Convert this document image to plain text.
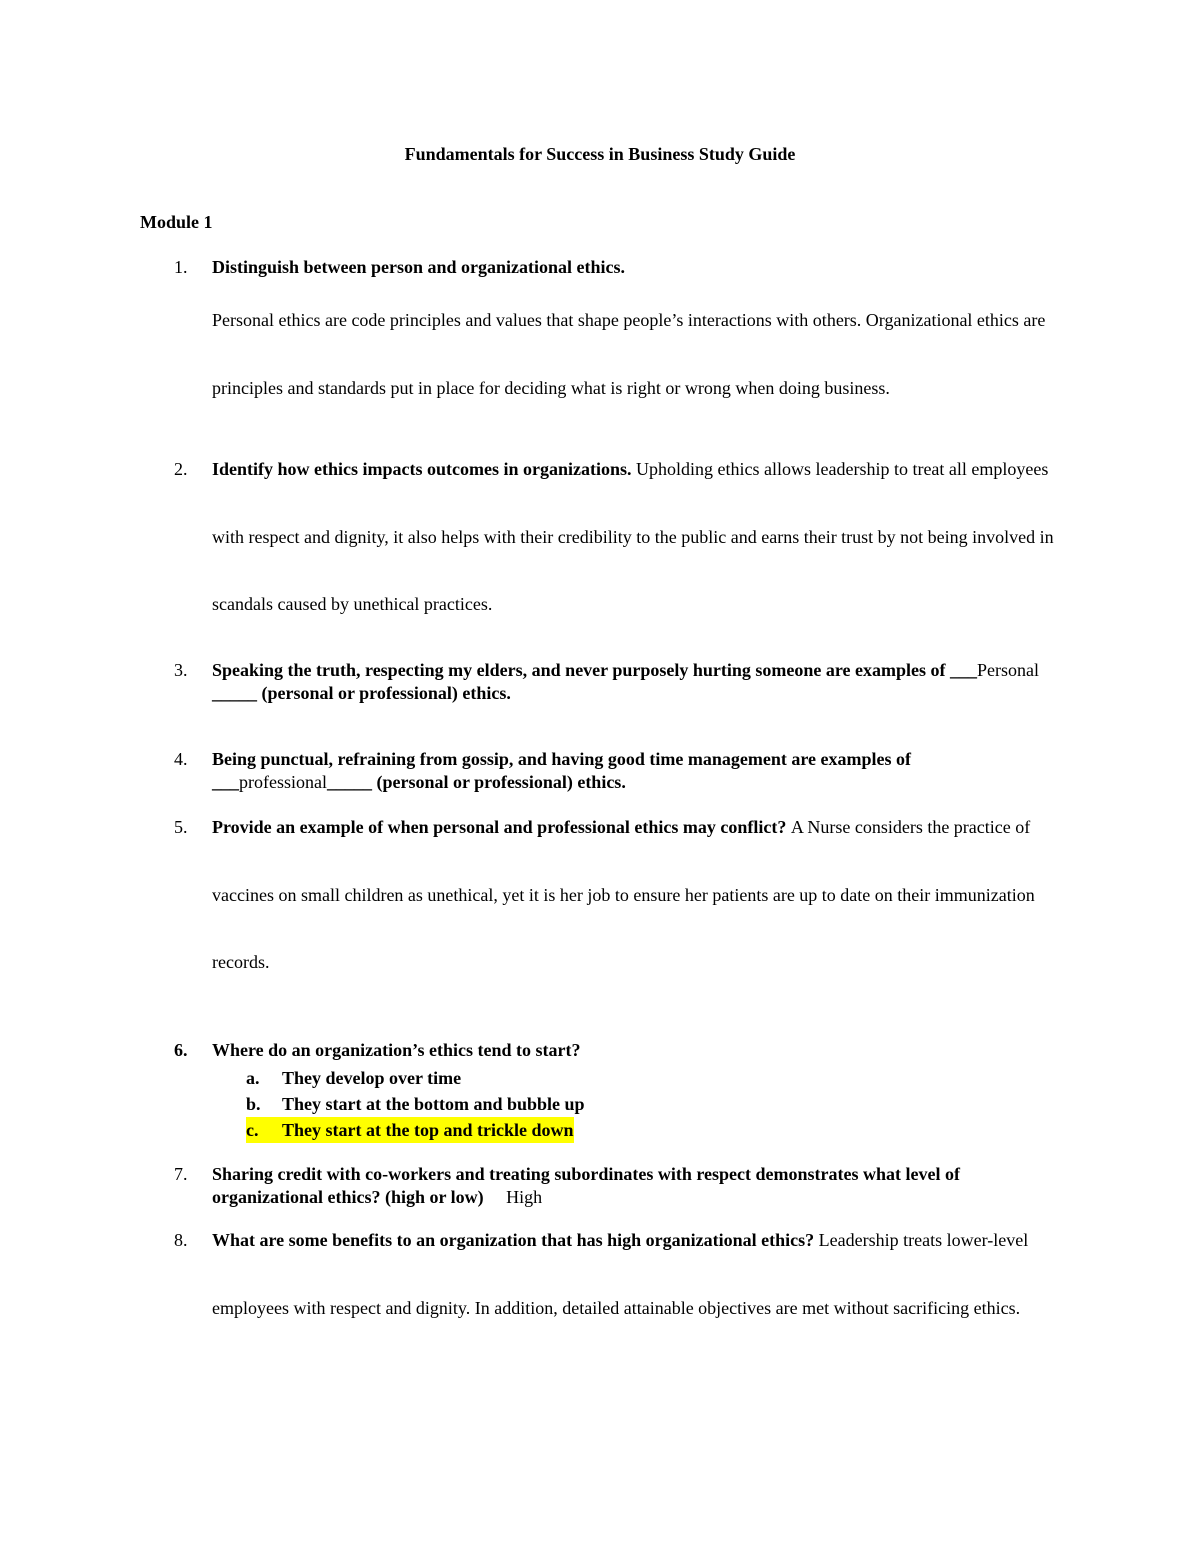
Fundamentals for Success in Business Study Guide
Module 1
1.	Distinguish between person and organizational ethics.
Personal ethics are code principles and values that shape people’s interactions with others. Organizational ethics are principles and standards put in place for deciding what is right or wrong when doing business.
2.	Identify how ethics impacts outcomes in organizations. Upholding ethics allows leadership to treat all employees with respect and dignity, it also helps with their credibility to the public and earns their trust by not being involved in scandals caused by unethical practices.
3.	Speaking the truth, respecting my elders, and never purposely hurting someone are examples of ___Personal _____ (personal or professional) ethics.
4.	Being punctual, refraining from gossip, and having good time management are examples of ___professional_____ (personal or professional) ethics.
5.	Provide an example of when personal and professional ethics may conflict? A Nurse considers the practice of vaccines on small children as unethical, yet it is her job to ensure her patients are up to date on their immunization records.
6.	Where do an organization’s ethics tend to start?
a. They develop over time
b. They start at the bottom and bubble up
c.	They start at the top and trickle down
7.	Sharing credit with co-workers and treating subordinates with respect demonstrates what level of organizational ethics? (high or low) High
8.	What are some benefits to an organization that has high organizational ethics? Leadership treats lower-level employees with respect and dignity. In addition, detailed attainable objectives are met without sacrificing ethics.
